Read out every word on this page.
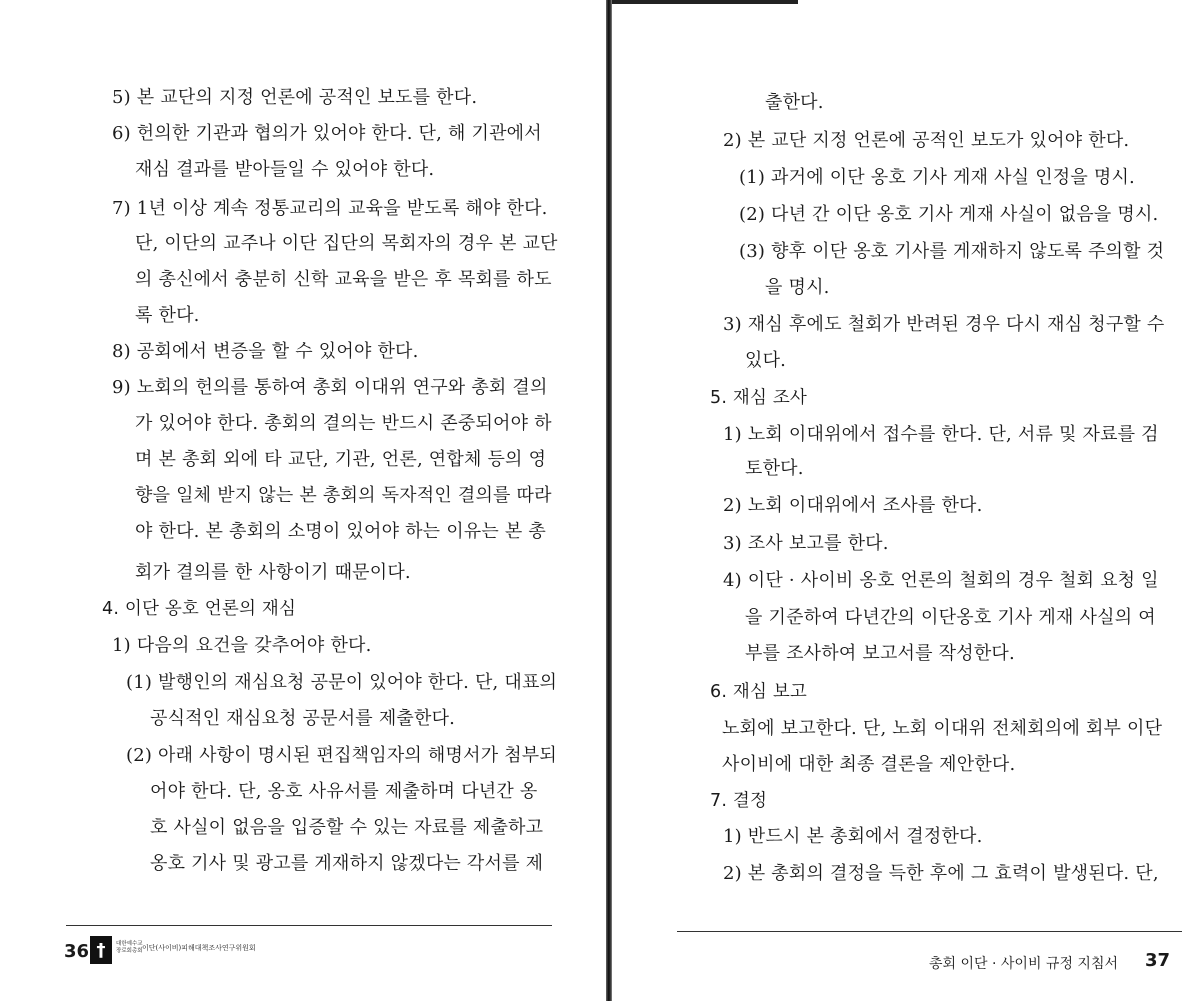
5) 본 교단의 지정 언론에 공적인 보도를 한다.
6) 헌의한 기관과 협의가 있어야 한다. 단, 해 기관에서
재심 결과를 받아들일 수 있어야 한다.
7) 1년 이상 계속 정통교리의 교육을 받도록 해야 한다.
단, 이단의 교주나 이단 집단의 목회자의 경우 본 교단
의 총신에서 충분히 신학 교육을 받은 후 목회를 하도
록 한다.
8) 공회에서 변증을 할 수 있어야 한다.
9) 노회의 헌의를 통하여 총회 이대위 연구와 총회 결의
가 있어야 한다. 총회의 결의는 반드시 존중되어야 하
며 본 총회 외에 타 교단, 기관, 언론, 연합체 등의 영
향을 일체 받지 않는 본 총회의 독자적인 결의를 따라
야 한다. 본 총회의 소명이 있어야 하는 이유는 본 총
회가 결의를 한 사항이기 때문이다.
4. 이단 옹호 언론의 재심
1) 다음의 요건을 갖추어야 한다.
(1) 발행인의 재심요청 공문이 있어야 한다. 단, 대표의
공식적인 재심요청 공문서를 제출한다.
(2) 아래 사항이 명시된 편집책임자의 해명서가 첨부되
어야 한다. 단, 옹호 사유서를 제출하며 다년간 옹
호 사실이 없음을 입증할 수 있는 자료를 제출하고
옹호 기사 및 광고를 게재하지 않겠다는 각서를 제
36 †	대한예수교
장로회총회 이단(사이비)피해대책조사연구위원회
출한다.
2) 본 교단 지정 언론에 공적인 보도가 있어야 한다.
(1) 과거에 이단 옹호 기사 게재 사실 인정을 명시.
(2) 다년 간 이단 옹호 기사 게재 사실이 없음을 명시.
(3) 향후 이단 옹호 기사를 게재하지 않도록 주의할 것
을 명시.
3) 재심 후에도 철회가 반려된 경우 다시 재심 청구할 수
있다.
5. 재심 조사
1) 노회 이대위에서 접수를 한다. 단, 서류 및 자료를 검
토한다.
2) 노회 이대위에서 조사를 한다.
3) 조사 보고를 한다.
4) 이단 · 사이비 옹호 언론의 철회의 경우 철회 요청 일
을 기준하여 다년간의 이단옹호 기사 게재 사실의 여
부를 조사하여 보고서를 작성한다.
6. 재심 보고
노회에 보고한다. 단, 노회 이대위 전체회의에 회부 이단
사이비에 대한 최종 결론을 제안한다.
7. 결정
1) 반드시 본 총회에서 결정한다.
2) 본 총회의 결정을 득한 후에 그 효력이 발생된다. 단,
총회 이단 · 사이비 규정 지침서 37
